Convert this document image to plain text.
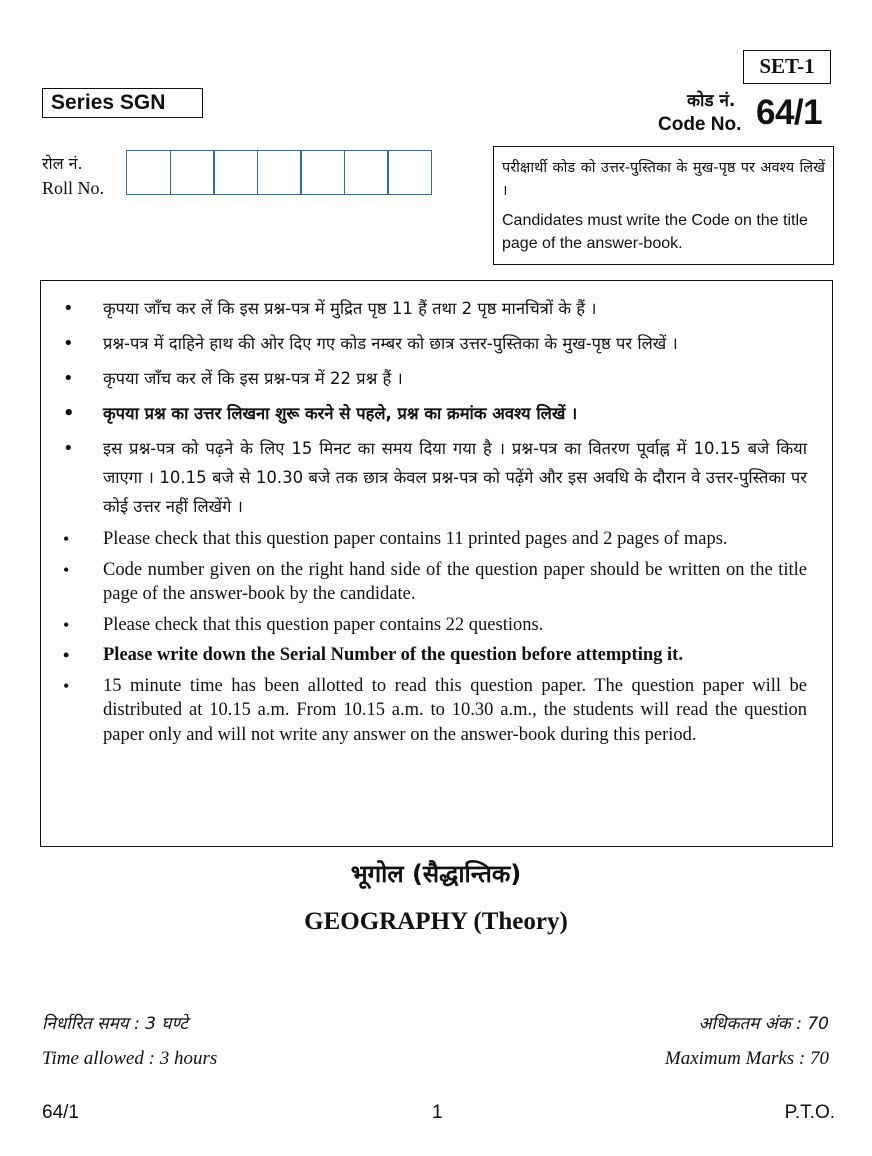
SET-1
Series SGN	कोड नं.
Code No. 64/1
रोल नं.
Roll No.

परीक्षार्थी कोड को उत्तर-पुस्तिका के मुख-पृष्ठ पर अवश्य लिखें ।

Candidates must write the Code on the title page of the answer-book.

• कृपया जाँच कर लें कि इस प्रश्न-पत्र में मुद्रित पृष्ठ 11 हैं तथा 2 पृष्ठ मानचित्रों के हैं ।
• प्रश्न-पत्र में दाहिने हाथ की ओर दिए गए कोड नम्बर को छात्र उत्तर-पुस्तिका के मुख-पृष्ठ पर लिखें ।
• कृपया जाँच कर लें कि इस प्रश्न-पत्र में 22 प्रश्न हैं ।
• कृपया प्रश्न का उत्तर लिखना शुरू करने से पहले, प्रश्न का क्रमांक अवश्य लिखें ।
• इस प्रश्न-पत्र को पढ़ने के लिए 15 मिनट का समय दिया गया है । प्रश्न-पत्र का वितरण पूर्वाह्न में 10.15 बजे किया जाएगा । 10.15 बजे से 10.30 बजे तक छात्र केवल प्रश्न-पत्र को पढ़ेंगे और इस अवधि के दौरान वे उत्तर-पुस्तिका पर कोई उत्तर नहीं लिखेंगे ।
• Please check that this question paper contains 11 printed pages and 2 pages of maps.
• Code number given on the right hand side of the question paper should be written on the title page of the answer-book by the candidate.
• Please check that this question paper contains 22 questions.
• Please write down the Serial Number of the question before attempting it.
• 15 minute time has been allotted to read this question paper. The question paper will be distributed at 10.15 a.m. From 10.15 a.m. to 10.30 a.m., the students will read the question paper only and will not write any answer on the answer-book during this period.
भूगोल (सैद्धान्तिक)
GEOGRAPHY (Theory)
निर्धारित समय : 3 घण्टे	अधिकतम अंक : 70
Time allowed : 3 hours	Maximum Marks : 70
64/1	1	P.T.O.
